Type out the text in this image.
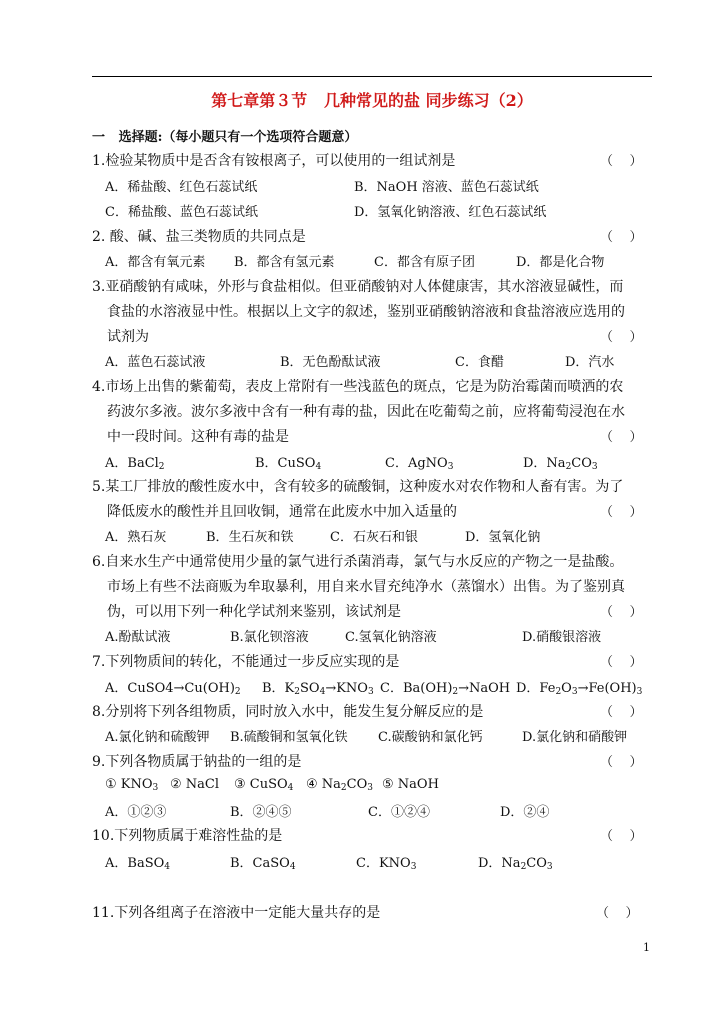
第七章第３节   几种常见的盐 同步练习（2）
一   选择题:（每小题只有一个选项符合题意）
1.检验某物质中是否含有铵根离子，可以使用的一组试剂是	（    ）
A．稀盐酸、红色石蕊试纸	B．NaOH 溶液、蓝色石蕊试纸
C．稀盐酸、蓝色石蕊试纸	D．氢氧化钠溶液、红色石蕊试纸
2. 酸、碱、盐三类物质的共同点是	（    ）
A．都含有氧元素 B．都含有氢元素	C．都含有原子团	D．都是化合物
3.亚硝酸钠有咸味，外形与食盐相似。但亚硝酸钠对人体健康害，其水溶液显碱性，而
食盐的水溶液显中性。根据以上文字的叙述，鉴别亚硝酸钠溶液和食盐溶液应选用的
试剂为	（    ）
A．蓝色石蕊试液	B．无色酚酞试液	C．食醋	D．汽水
4.市场上出售的紫葡萄，表皮上常附有一些浅蓝色的斑点，它是为防治霉菌而喷洒的农
药波尔多液。波尔多液中含有一种有毒的盐，因此在吃葡萄之前，应将葡萄浸泡在水
中一段时间。这种有毒的盐是	（    ）
A．BaCl$_2$	B．CuSO$_4$	C．AgNO$_3$	D．$Na_2CO_3$
5.某工厂排放的酸性废水中，含有较多的硫酸铜，这种废水对农作物和人畜有害。为了
降低废水的酸性并且回收铜，通常在此废水中加入适量的	（    ）
A．熟石灰	B．生石灰和铁	C．石灰石和银	D．氢氧化钠
6.自来水生产中通常使用少量的氯气进行杀菌消毒，氯气与水反应的产物之一是盐酸。
市场上有些不法商贩为牟取暴利，用自来水冒充纯净水（蒸馏水）出售。为了鉴别真
伪，可以用下列一种化学试剂来鉴别，该试剂是	（    ）
A.酚酞试液	B.氯化钡溶液	C.氢氧化钠溶液	D.硝酸银溶液
7.下列物质间的转化，不能通过一步反应实现的是	（    ）
A．$CuSO4\to Cu(OH)_2$ B．$K_2SO_4\to KNO_3$ C．$Ba(OH)_2\to NaOH$ D．$Fe_2O_3\to Fe(OH)_3$
8.分别将下列各组物质，同时放入水中，能发生复分解反应的是	（    ）
A.氯化钠和硫酸钾 B.硫酸铜和氢氧化铁 C.碳酸钠和氯化钙	D.氯化钠和硝酸钾
9.下列各物质属于钠盐的一组的是	（    ）
① $KNO_3$ ② NaCl ③ CuSO$_4$ ④ $Na_2CO_3$ ⑤ NaOH
A．①②③	B．②④⑤	C．①②④	D．②④
10.下列物质属于难溶性盐的是	（    ）
A．BaSO$_4$	B．CaSO$_4$	C．$KNO_3$	D．$Na_2CO_3$
11.下列各组离子在溶液中一定能大量共存的是	（    ）
1
